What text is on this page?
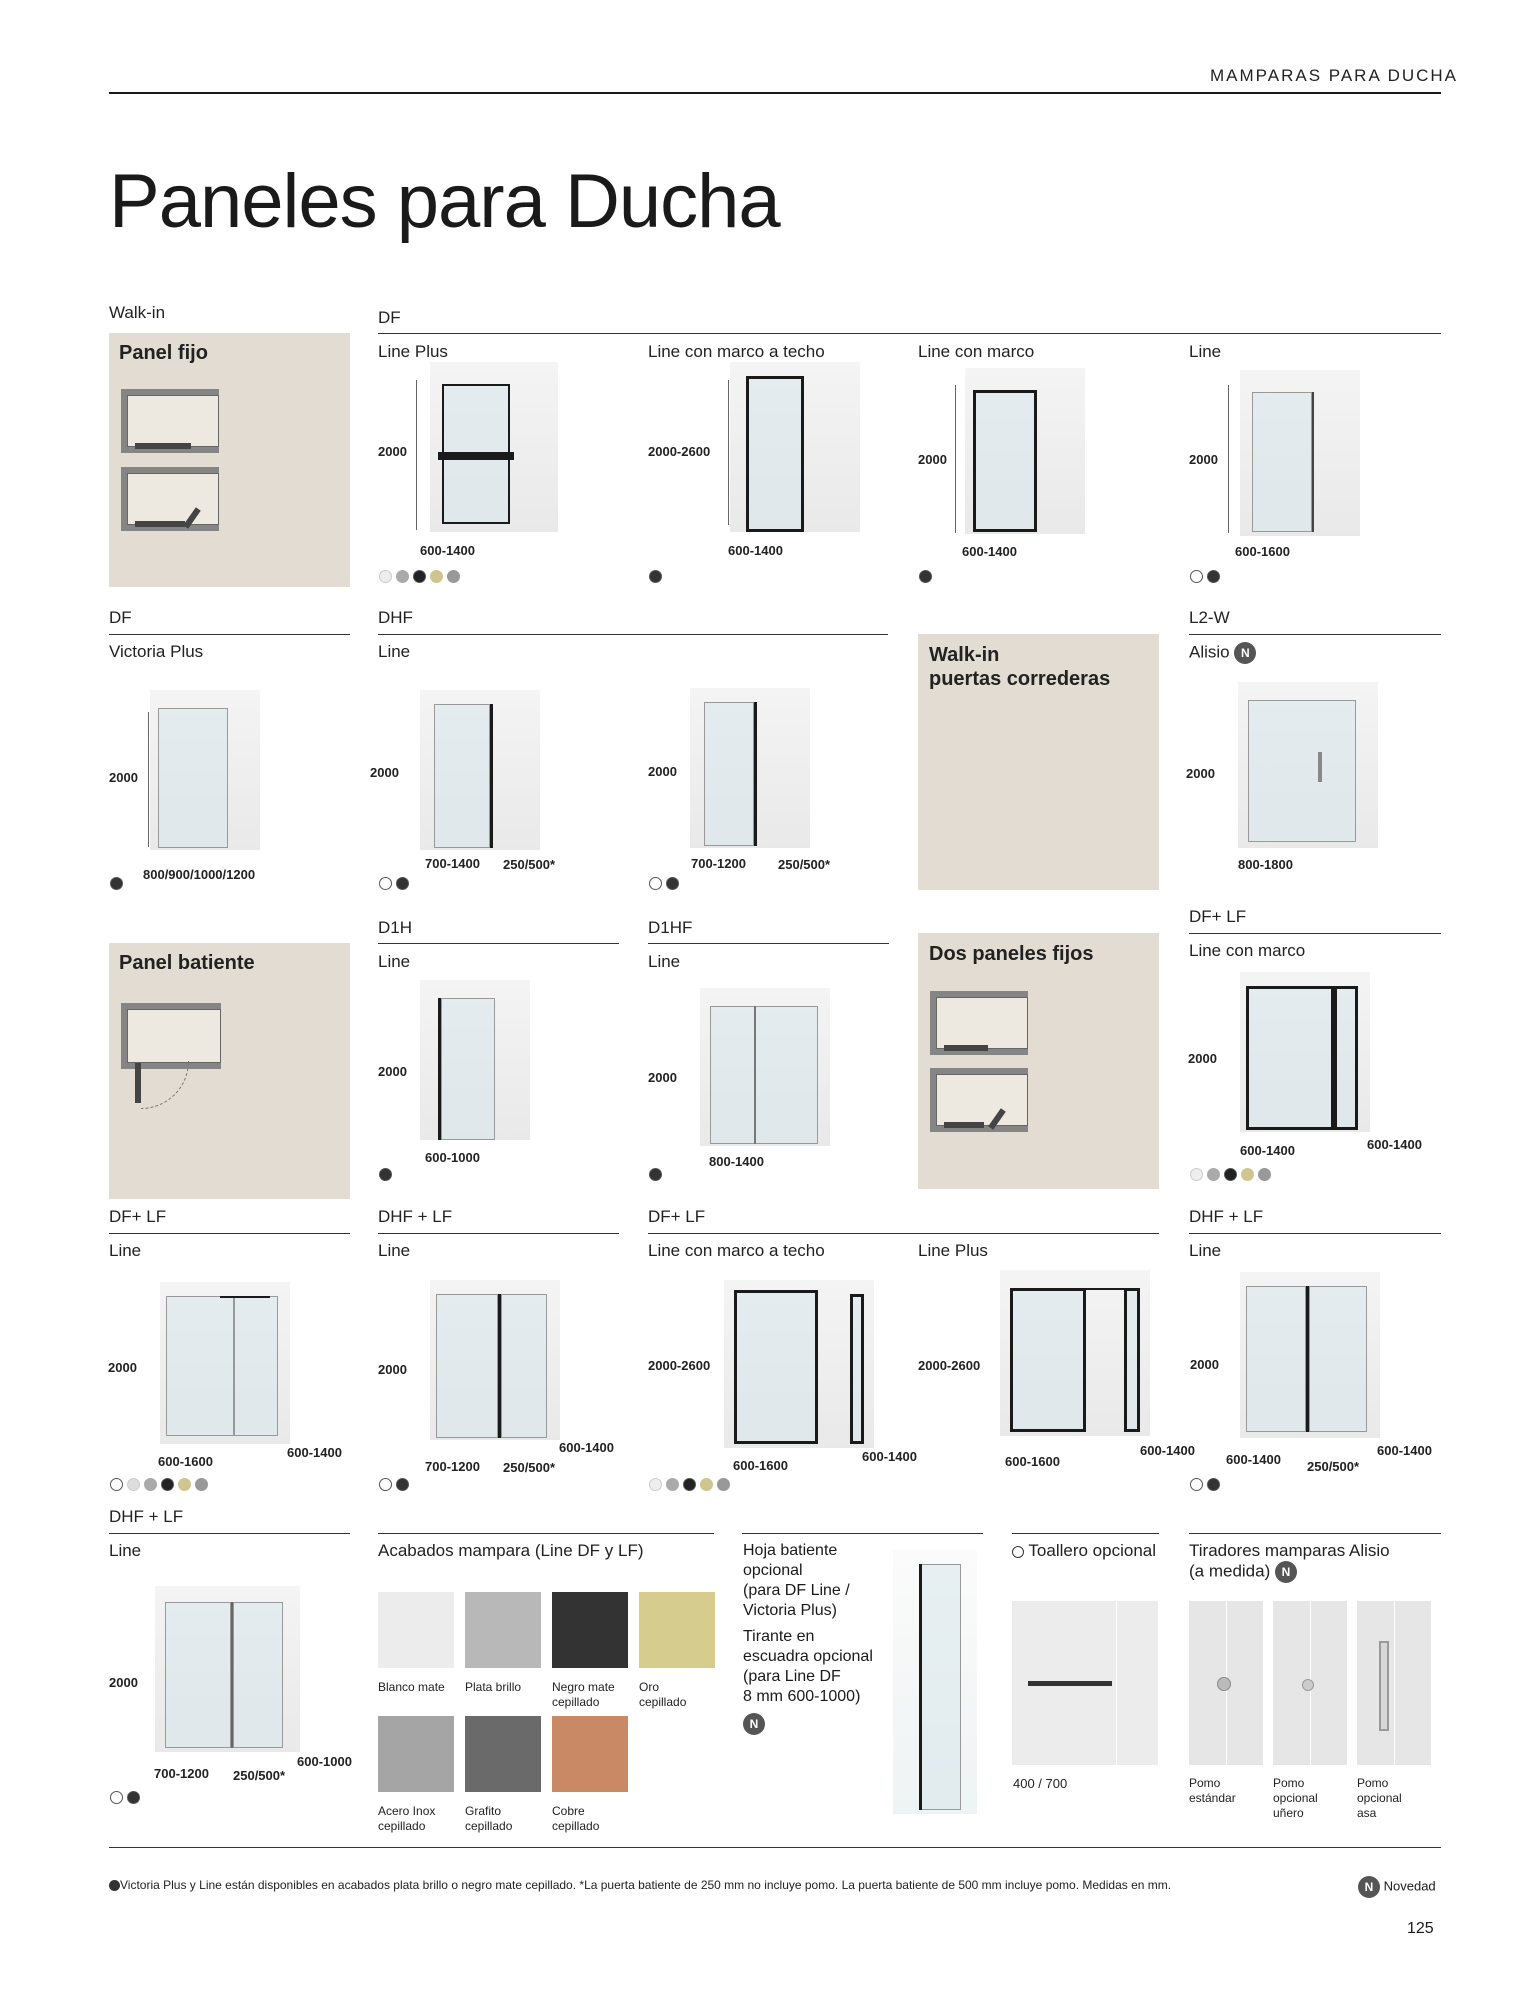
MAMPARAS PARA DUCHA
Paneles para Ducha
Walk-in
Panel fijo
DF
Line Plus
2000
600-1400
Line con marco a techo
2000-2600
600-1400
Line con marco
2000
600-1400
Line
2000
600-1600
DF
Victoria Plus
2000
800/900/1000/1200
DHF
Line
2000
700-1400 250/500*
2000
700-1200 250/500*
Walk-in
puertas correderas
L2-W
Alisio N
2000
800-1800
Panel batiente
D1H
Line
2000
600-1000
D1HF
Line
2000
800-1400
Dos paneles fijos
DF+ LF
Line con marco
2000
600-1400	600-1400
DF+ LF
Line
2000
600-1600
600-1400
DHF + LF
Line
2000
700-1200 250/500*
600-1400
DF+ LF
Line con marco a techo
2000-2600
600-1600
600-1400
Line Plus
2000-2600
600-1600
600-1400
DHF + LF
Line
2000
600-1400 250/500*
600-1400
DHF + LF
Line
2000
700-1200 250/500*
600-1000
Acabados mampara (Line DF y LF)
Blanco mate Plata brillo	Negro mate
cepillado
Oro
cepillado
Acero Inox
cepillado
Grafito
cepillado
Cobre
cepillado
Hoja batiente
opcional
(para DF Line /
Victoria Plus)
Tirante en
escuadra opcional
(para Line DF
8 mm 600-1000)
N
Toallero opcional
400 / 700
Tiradores mamparas Alisio
(a medida) N
Pomo
estándar
Pomo
opcional
uñero
Pomo
opcional
asa
Victoria Plus y Line están disponibles en acabados plata brillo o negro mate cepillado. *La puerta batiente de 250 mm no incluye pomo. La puerta batiente de 500 mm incluye pomo. Medidas en mm.	N Novedad
125
